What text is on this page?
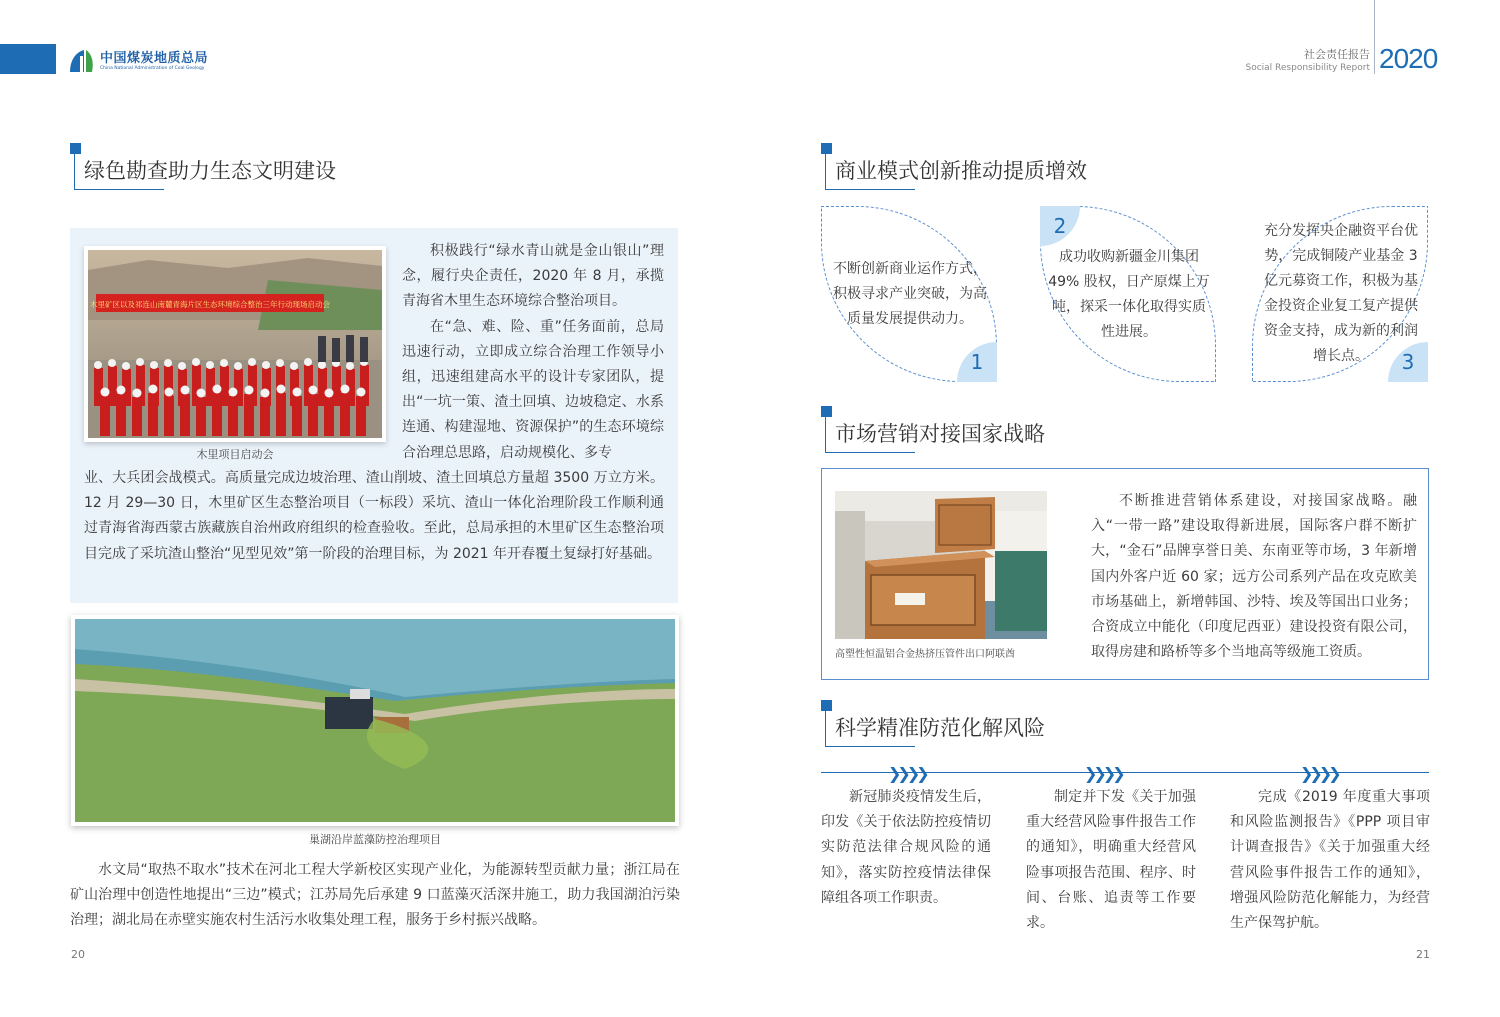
中国煤炭地质总局
China National Administration of Coal Geology
社会责任报告
Social Responsibility Report 2020
绿色勘查助力生态文明建设
木里矿区以及祁连山南麓青海片区生态环境综合整治三年行动现场启动会
木里项目启动会

积极践行“绿水青山就是金山银山”理念，履行央企责任，2020 年 8 月，承揽青海省木里生态环境综合整治项目。

在“急、难、险、重”任务面前，总局迅速行动，立即成立综合治理工作领导小组，迅速组建高水平的设计专家团队，提出“一坑一策、渣土回填、边坡稳定、水系连通、构建湿地、资源保护”的生态环境综合治理总思路，启动规模化、多专

业、大兵团会战模式。高质量完成边坡治理、渣山削坡、渣土回填总方量超 3500 万立方米。12 月 29—30 日，木里矿区生态整治项目（一标段）采坑、渣山一体化治理阶段工作顺利通过青海省海西蒙古族藏族自治州政府组织的检查验收。至此，总局承担的木里矿区生态整治项目完成了采坑渣山整治“见型见效”第一阶段的治理目标，为 2021 年开春覆土复绿打好基础。
巢湖沿岸蓝藻防控治理项目
水文局“取热不取水”技术在河北工程大学新校区实现产业化，为能源转型贡献力量；浙江局在矿山治理中创造性地提出“三边”模式；江苏局先后承建 9 口蓝藻灭活深井施工，助力我国湖泊污染治理；湖北局在赤壁实施农村生活污水收集处理工程，服务于乡村振兴战略。
20
商业模式创新推动提质增效
不断创新商业运作方式，积极寻求产业突破，为高质量发展提供动力。
1
2
成功收购新疆金川集团 49% 股权，日产原煤上万吨，探采一体化取得实质性进展。
充分发挥央企融资平台优势，完成铜陵产业基金 3 亿元募资工作，积极为基金投资企业复工复产提供资金支持，成为新的利润增长点。	3
市场营销对接国家战略
高塑性恒温铝合金热挤压管件出口阿联酋
不断推进营销体系建设，对接国家战略。融入“一带一路”建设取得新进展，国际客户群不断扩大，“金石”品牌享誉日美、东南亚等市场，3 年新增国内外客户近 60 家；远方公司系列产品在攻克欧美市场基础上，新增韩国、沙特、埃及等国出口业务；合资成立中能化（印度尼西亚）建设投资有限公司，取得房建和路桥等多个当地高等级施工资质。
科学精准防范化解风险
❯❯❯❯	❯❯❯❯	❯❯❯❯
新冠肺炎疫情发生后，印发《关于依法防控疫情切实防范法律合规风险的通知》，落实防控疫情法律保障组各项工作职责。
制定并下发《关于加强重大经营风险事件报告工作的通知》，明确重大经营风险事项报告范围、程序、时间、台账、追责等工作要求。
完成《2019 年度重大事项和风险监测报告》《PPP 项目审计调查报告》《关于加强重大经营风险事件报告工作的通知》，增强风险防范化解能力，为经营生产保驾护航。
21
